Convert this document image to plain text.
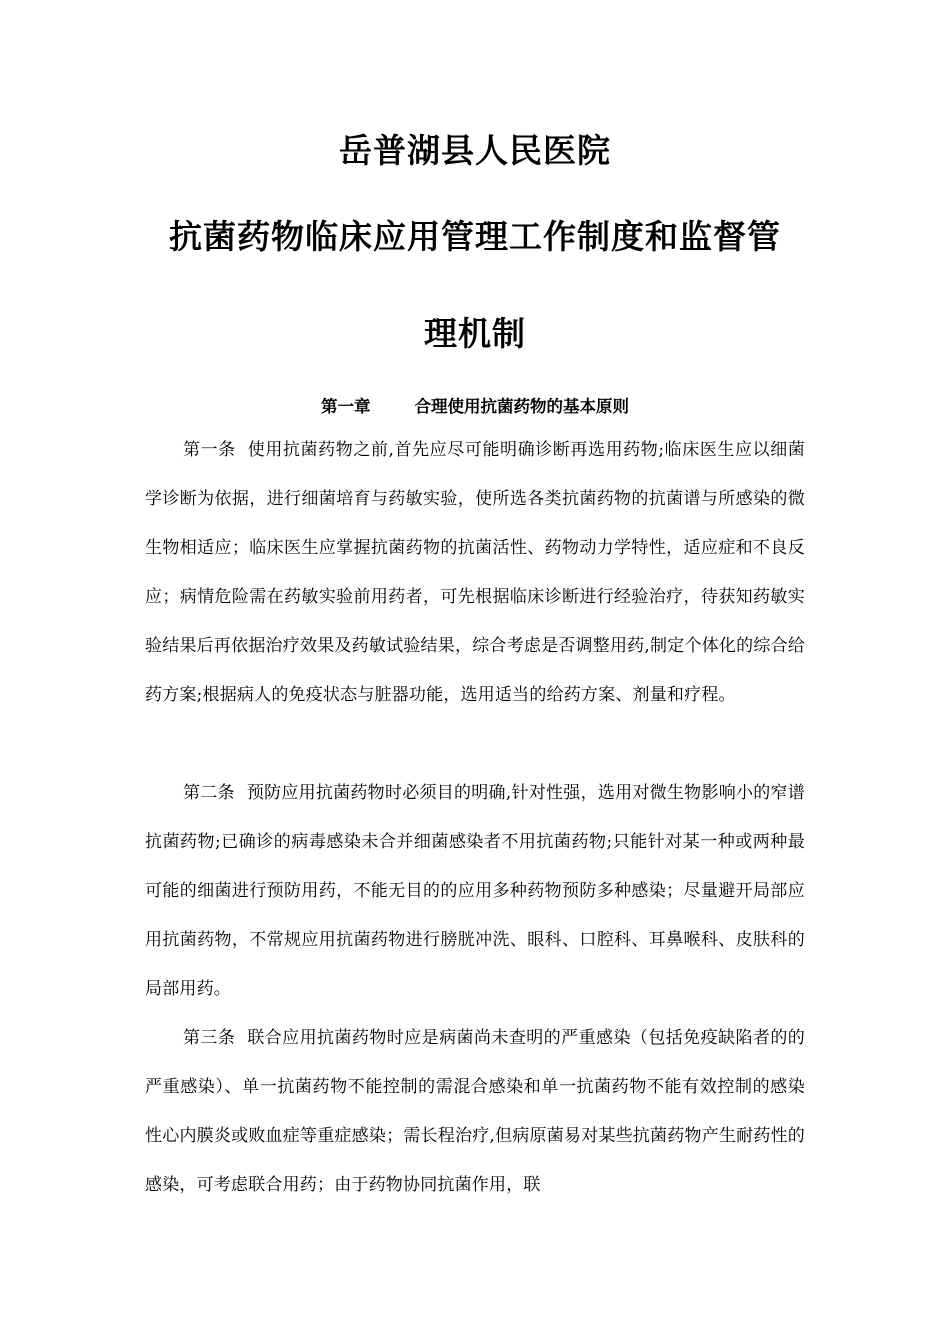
岳普湖县人民医院
抗菌药物临床应用管理工作制度和监督管
理机制
第一章	合理使用抗菌药物的基本原则

第一条 使用抗菌药物之前,首先应尽可能明确诊断再选用药物;临床医生应以细菌学诊断为依据，进行细菌培育与药敏实验，使所选各类抗菌药物的抗菌谱与所感染的微生物相适应；临床医生应掌握抗菌药物的抗菌活性、药物动力学特性，适应症和不良反应；病情危险需在药敏实验前用药者，可先根据临床诊断进行经验治疗，待获知药敏实验结果后再依据治疗效果及药敏试验结果，综合考虑是否调整用药,制定个体化的综合给药方案;根据病人的免疫状态与脏器功能，选用适当的给药方案、剂量和疗程。

第二条 预防应用抗菌药物时必须目的明确,针对性强，选用对微生物影响小的窄谱抗菌药物;已确诊的病毒感染未合并细菌感染者不用抗菌药物;只能针对某一种或两种最可能的细菌进行预防用药，不能无目的的应用多种药物预防多种感染；尽量避开局部应用抗菌药物，不常规应用抗菌药物进行膀胱冲洗、眼科、口腔科、耳鼻喉科、皮肤科的局部用药。

第三条 联合应用抗菌药物时应是病菌尚未查明的严重感染（包括免疫缺陷者的的严重感染）、单一抗菌药物不能控制的需混合感染和单一抗菌药物不能有效控制的感染性心内膜炎或败血症等重症感染；需长程治疗,但病原菌易对某些抗菌药物产生耐药性的感染，可考虑联合用药；由于药物协同抗菌作用，联
